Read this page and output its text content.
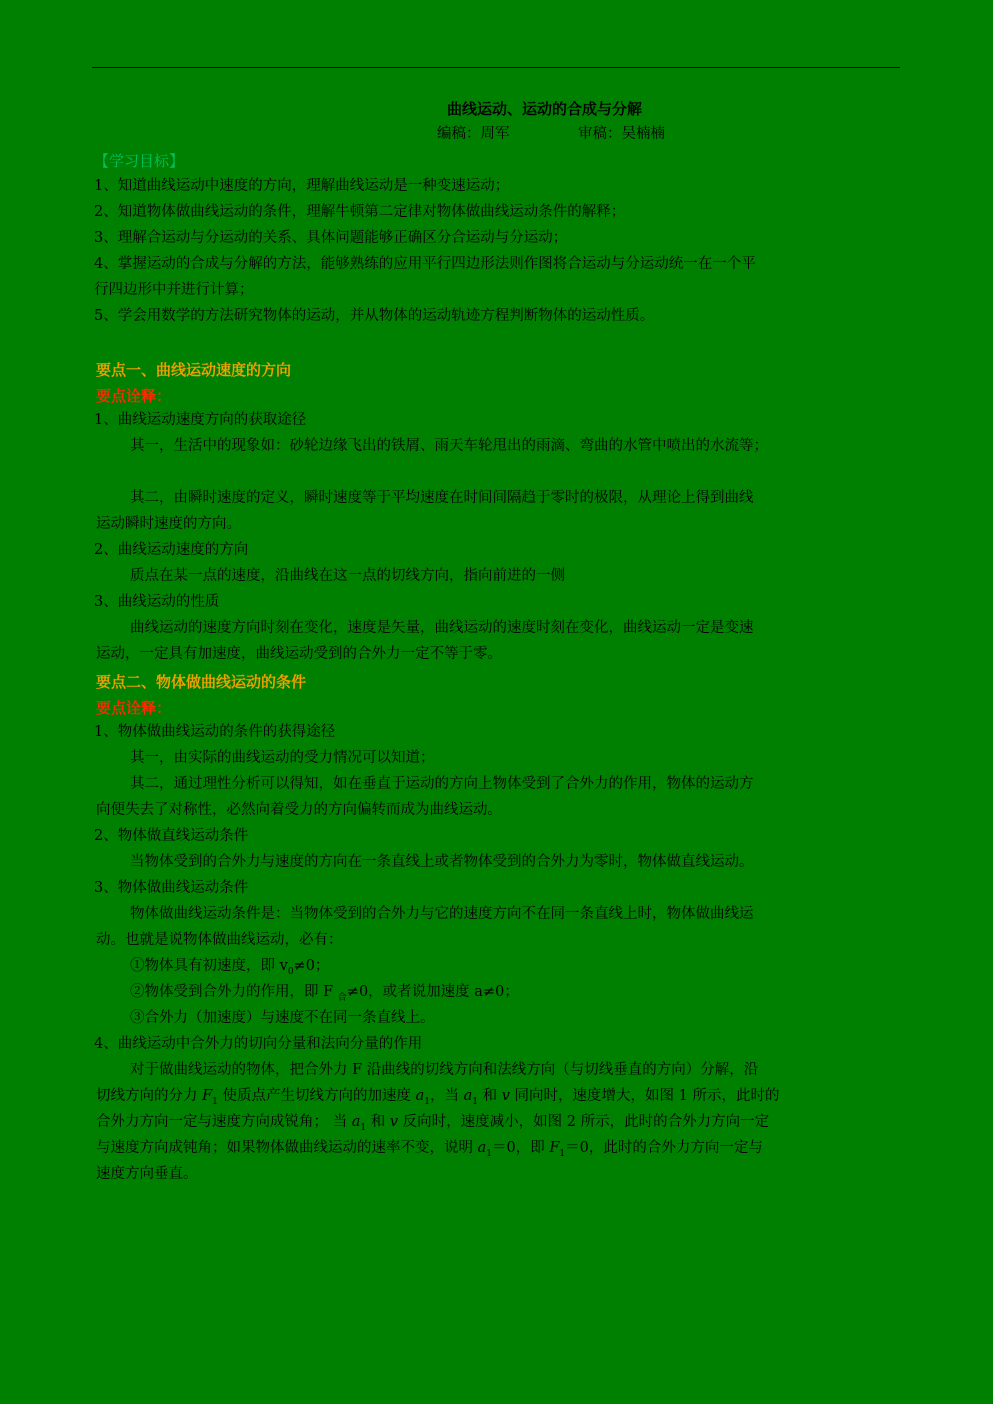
曲线运动、运动的合成与分解
编稿：周军	审稿：吴楠楠
【学习目标】
1、知道曲线运动中速度的方向，理解曲线运动是一种变速运动；
2、知道物体做曲线运动的条件，理解牛顿第二定律对物体做曲线运动条件的解释；
3、理解合运动与分运动的关系、具体问题能够正确区分合运动与分运动；
4、掌握运动的合成与分解的方法，能够熟练的应用平行四边形法则作图将合运动与分运动统一在一个平
行四边形中并进行计算；
5、学会用数学的方法研究物体的运动，并从物体的运动轨迹方程判断物体的运动性质。
要点一、曲线运动速度的方向
要点诠释：
1、曲线运动速度方向的获取途径
其一，生活中的现象如：砂轮边缘飞出的铁屑、雨天车轮甩出的雨滴、弯曲的水管中喷出的水流等；
其二，由瞬时速度的定义，瞬时速度等于平均速度在时间间隔趋于零时的极限，从理论上得到曲线
运动瞬时速度的方向。
2、曲线运动速度的方向
质点在某一点的速度，沿曲线在这一点的切线方向，指向前进的一侧
3、曲线运动的性质
曲线运动的速度方向时刻在变化，速度是矢量，曲线运动的速度时刻在变化，曲线运动一定是变速
运动，一定具有加速度，曲线运动受到的合外力一定不等于零。
要点二、物体做曲线运动的条件
要点诠释：
1、物体做曲线运动的条件的获得途径
其一，由实际的曲线运动的受力情况可以知道；
其二，通过理性分析可以得知，如在垂直于运动的方向上物体受到了合外力的作用，物体的运动方
向便失去了对称性，必然向着受力的方向偏转而成为曲线运动。
2、物体做直线运动条件
当物体受到的合外力与速度的方向在一条直线上或者物体受到的合外力为零时，物体做直线运动。
3、物体做曲线运动条件
物体做曲线运动条件是：当物体受到的合外力与它的速度方向不在同一条直线上时，物体做曲线运
动。也就是说物体做曲线运动，必有：
①物体具有初速度，即 $v_0\ne 0$；
②物体受到合外力的作用，即 F $_合$≠0，或者说加速度 a≠0；
③合外力（加速度）与速度不在同一条直线上。
4、曲线运动中合外力的切向分量和法向分量的作用
对于做曲线运动的物体，把合外力 F 沿曲线的切线方向和法线方向（与切线垂直的方向）分解，沿
切线方向的分力 $F_1$ 使质点产生切线方向的加速度 $a_1$，当 $a_1$ 和 v 同向时，速度增大，如图 1 所示，此时的
合外力方向一定与速度方向成锐角； 当 $a_1$ 和 v 反向时，速度减小，如图 2 所示，此时的合外力方向一定
与速度方向成钝角；如果物体做曲线运动的速率不变，说明 $a_1=0$，即 $F_1=0$，此时的合外力方向一定与
速度方向垂直。
